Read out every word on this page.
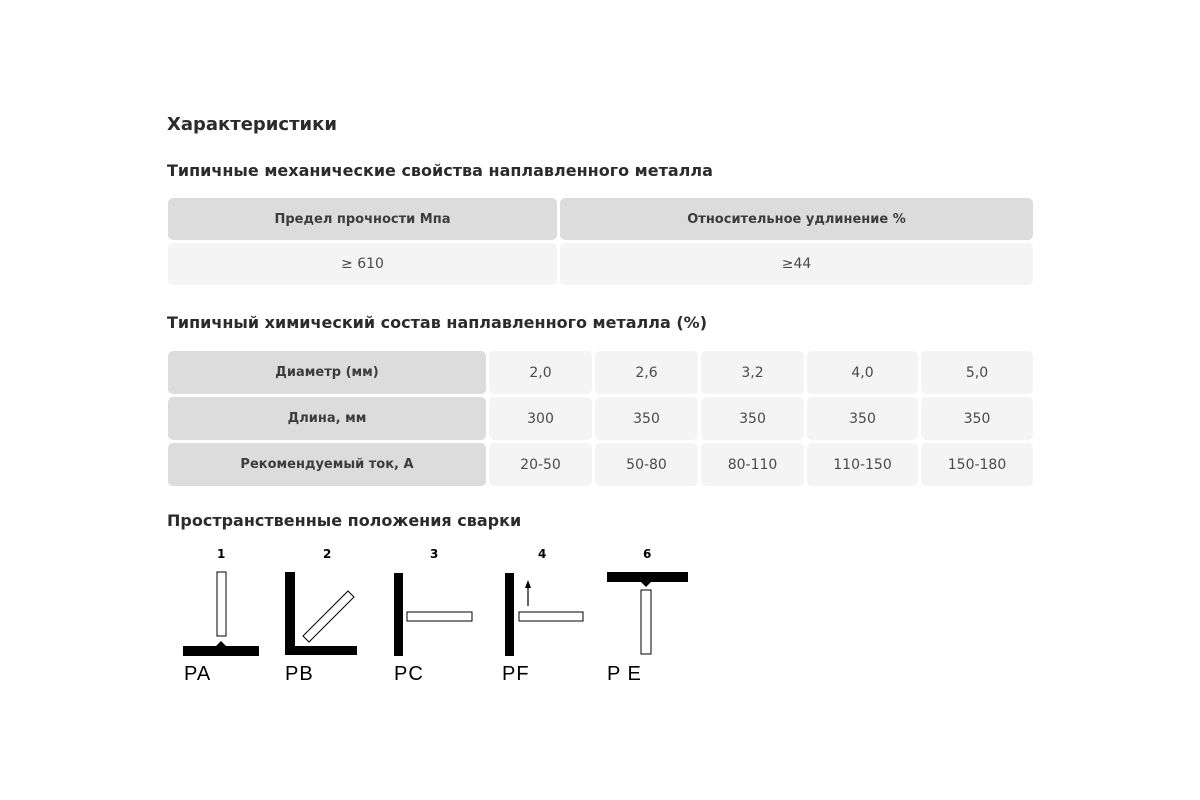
Характеристики
Типичные механические свойства наплавленного металла
Предел прочности Мпа	Относительное удлинение %
≥ 610	≥44
Типичный химический состав наплавленного металла (%)
Диаметр (мм)	2,0	2,6	3,2	4,0	5,0
Длина, мм	300	350	350	350	350
Рекомендуемый ток, А	20-50	50-80	80-110	110-150	150-180
Пространственные положения сварки
1
PA
2
PB
3
PC
4
PF
6
P E
